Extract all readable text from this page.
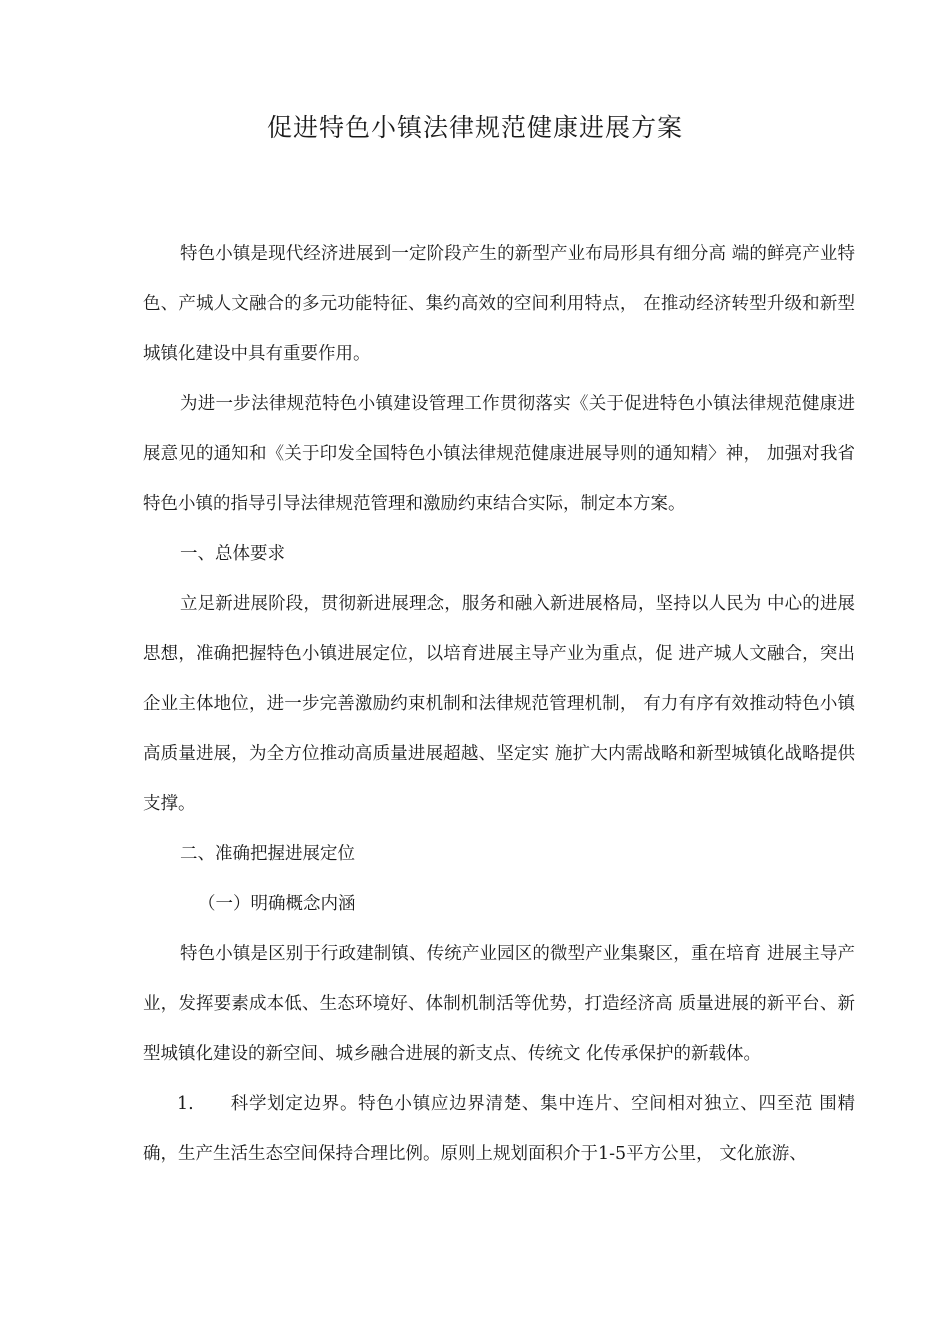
促进特色小镇法律规范健康进展方案

特色小镇是现代经济进展到一定阶段产生的新型产业布局形具有细分高 端的鲜亮产业特色、产城人文融合的多元功能特征、集约高效的空间利用特点， 在推动经济转型升级和新型城镇化建设中具有重要作用。

为进一步法律规范特色小镇建设管理工作贯彻落实《关于促进特色小镇法律规范健康进展意见的通知和《关于印发全国特色小镇法律规范健康进展导则的通知精〉神， 加强对我省特色小镇的指导引导法律规范管理和激励约束结合实际，制定本方案。

一、总体要求

立足新进展阶段，贯彻新进展理念，服务和融入新进展格局，坚持以人民为 中心的进展思想，准确把握特色小镇进展定位，以培育进展主导产业为重点，促 进产城人文融合，突出企业主体地位，进一步完善激励约束机制和法律规范管理机制， 有力有序有效推动特色小镇高质量进展，为全方位推动高质量进展超越、坚定实 施扩大内需战略和新型城镇化战略提供支撑。

二、准确把握进展定位

（一）明确概念内涵

特色小镇是区别于行政建制镇、传统产业园区的微型产业集聚区，重在培育 进展主导产业，发挥要素成本低、生态环境好、体制机制活等优势，打造经济高 质量进展的新平台、新型城镇化建设的新空间、城乡融合进展的新支点、传统文 化传承保护的新载体。

1.　　科学划定边界。特色小镇应边界清楚、集中连片、空间相对独立、四至范 围精确，生产生活生态空间保持合理比例。原则上规划面积介于1-5平方公里， 文化旅游、
